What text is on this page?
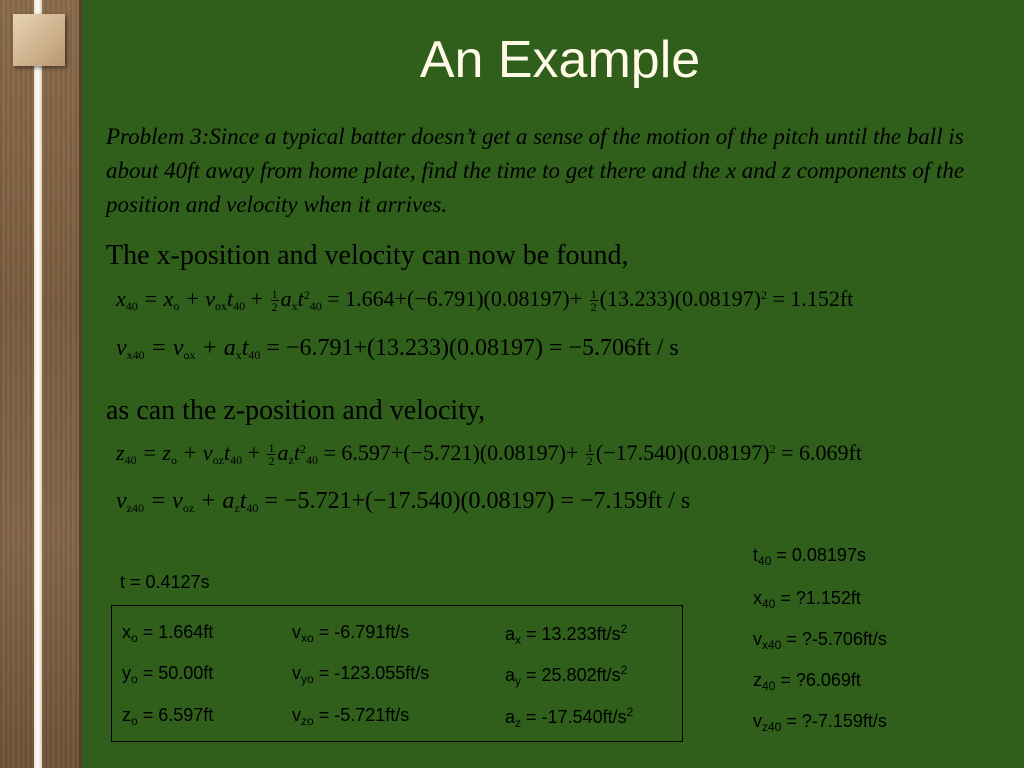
An Example
Problem 3:Since a typical batter doesn’t get a sense of the motion of the pitch until the ball is about 40ft away from home plate, find the time to get there and the x and z components of the position and velocity when it arrives.
The x-position and velocity can now be found,
$x_{40} = x_o + v_{ox}t_{40} + \frac{1}{2} a_xt^2_{40} = 1.664+(-6.791)(0.08197)+ \frac{1}{2} (13.233)(0.08197)^2 = 1.152ft$
$v_{x40} = v_{ox} + a_xt_{40} = -6.791+(13.233)(0.08197) = -5.706ft / s$
as can the z-position and velocity,
$z_{40} = z_o + v_{oz}t_{40} + \frac{1}{2} a_zt^2_{40} = 6.597+(-5.721)(0.08197)+ \frac{1}{2} (-17.540)(0.08197)^2 = 6.069ft$
$v_{z40} = v_{oz} + a_zt_{40} = -5.721+(-17.540)(0.08197) = -7.159ft / s$
t = 0.4127s
$x_o = 1.664ft$	$v_{xo} = -6.791ft/s$	$a_x = 13.233ft/s^2$
$y_o = 50.00ft$	$v_{yo} = -123.055ft/s$	$a_y = 25.802ft/s^2$
$z_o = 6.597ft$	$v_{zo} = -5.721ft/s$	$a_z = -17.540ft/s^2$
$t_{40} = 0.08197s$
$x_{40}$ = ?1.152ft
$v_{x40}$ = ?-5.706ft/s
$z_{40}$ = ?6.069ft
$v_{z40}$ = ?-7.159ft/s
